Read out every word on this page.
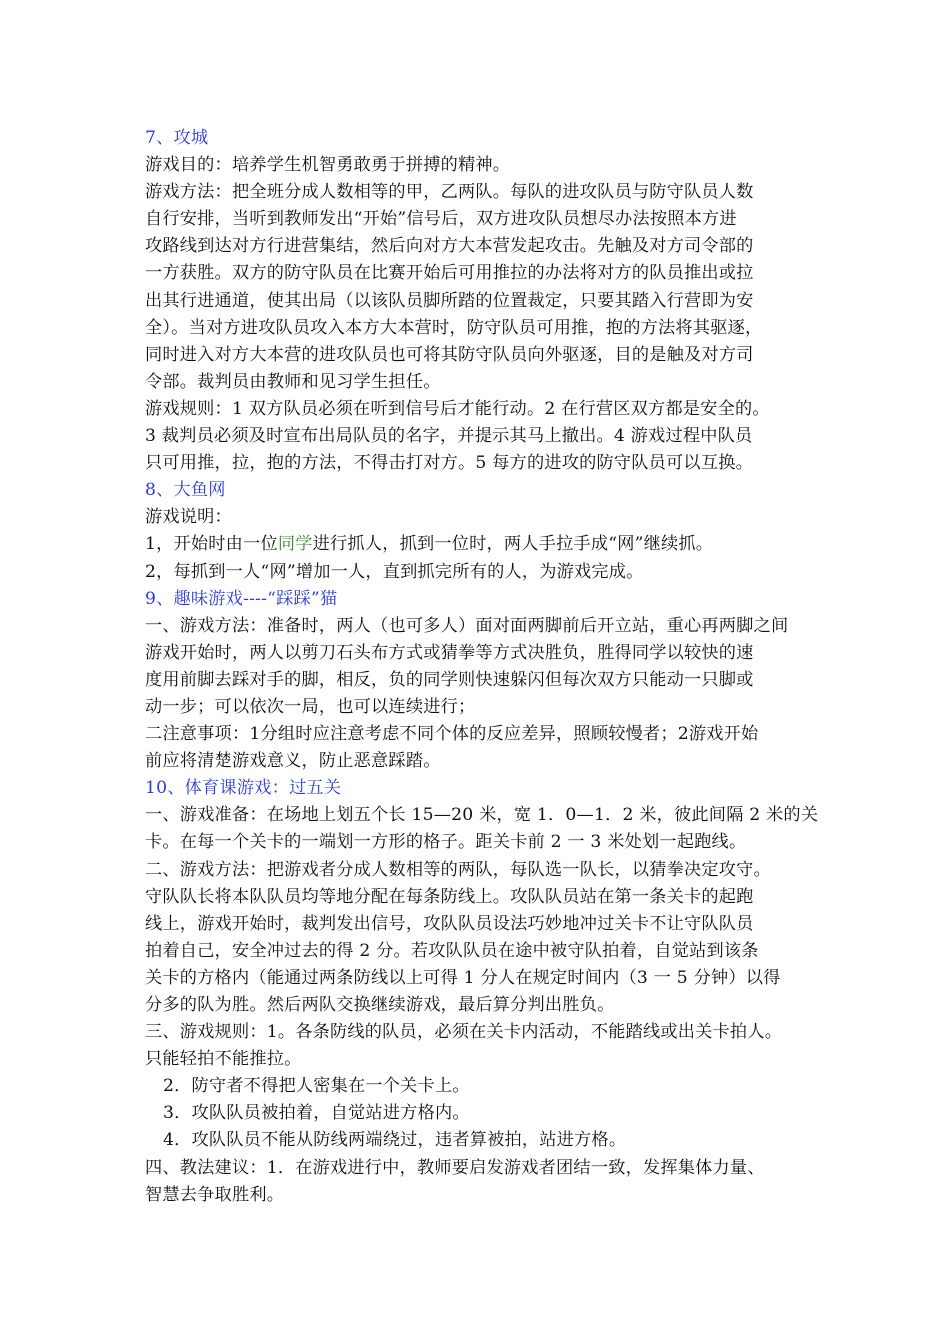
7、攻城
游戏目的：培养学生机智勇敢勇于拼搏的精神。
游戏方法：把全班分成人数相等的甲，乙两队。每队的进攻队员与防守队员人数
自行安排，当听到教师发出“开始”信号后，双方进攻队员想尽办法按照本方进
攻路线到达对方行进营集结，然后向对方大本营发起攻击。先触及对方司令部的
一方获胜。双方的防守队员在比赛开始后可用推拉的办法将对方的队员推出或拉
出其行进通道，使其出局（以该队员脚所踏的位置裁定，只要其踏入行营即为安
全）。当对方进攻队员攻入本方大本营时，防守队员可用推，抱的方法将其驱逐，
同时进入对方大本营的进攻队员也可将其防守队员向外驱逐，目的是触及对方司
令部。裁判员由教师和见习学生担任。
游戏规则：1 双方队员必须在听到信号后才能行动。2 在行营区双方都是安全的。
3 裁判员必须及时宣布出局队员的名字，并提示其马上撤出。4 游戏过程中队员
只可用推，拉，抱的方法，不得击打对方。5 每方的进攻的防守队员可以互换。
8、大鱼网
游戏说明：
1，开始时由一位同学进行抓人，抓到一位时，两人手拉手成“网”继续抓。
2，每抓到一人“网”增加一人，直到抓完所有的人，为游戏完成。
9、趣味游戏----“踩踩”猫
一、游戏方法：准备时，两人（也可多人）面对面两脚前后开立站，重心再两脚之间
游戏开始时，两人以剪刀石头布方式或猜拳等方式决胜负，胜得同学以较快的速
度用前脚去踩对手的脚，相反，负的同学则快速躲闪但每次双方只能动一只脚或
动一步；可以依次一局，也可以连续进行；
二注意事项：1分组时应注意考虑不同个体的反应差异，照顾较慢者；2游戏开始
前应将清楚游戏意义，防止恶意踩踏。
10、体育课游戏：过五关
一、游戏准备：在场地上划五个长 15—20 米，宽 1．0—1．2 米，彼此间隔 2 米的关
卡。在每一个关卡的一端划一方形的格子。距关卡前 2 一 3 米处划一起跑线。
二、游戏方法：把游戏者分成人数相等的两队，每队选一队长，以猜拳决定攻守。
守队队长将本队队员均等地分配在每条防线上。攻队队员站在第一条关卡的起跑
线上，游戏开始时，裁判发出信号，攻队队员设法巧妙地冲过关卡不让守队队员
拍着自己，安全冲过去的得 2 分。若攻队队员在途中被守队拍着，自觉站到该条
关卡的方格内（能通过两条防线以上可得 1 分人在规定时间内（3 一 5 分钟）以得
分多的队为胜。然后两队交换继续游戏，最后算分判出胜负。
三、游戏规则：1。各条防线的队员，必须在关卡内活动，不能踏线或出关卡拍人。
只能轻拍不能推拉。
2．防守者不得把人密集在一个关卡上。
3．攻队队员被拍着，自觉站进方格内。
4．攻队队员不能从防线两端绕过，违者算被拍，站进方格。
四、教法建议：1．在游戏进行中，教师要启发游戏者团结一致，发挥集体力量、
智慧去争取胜利。
